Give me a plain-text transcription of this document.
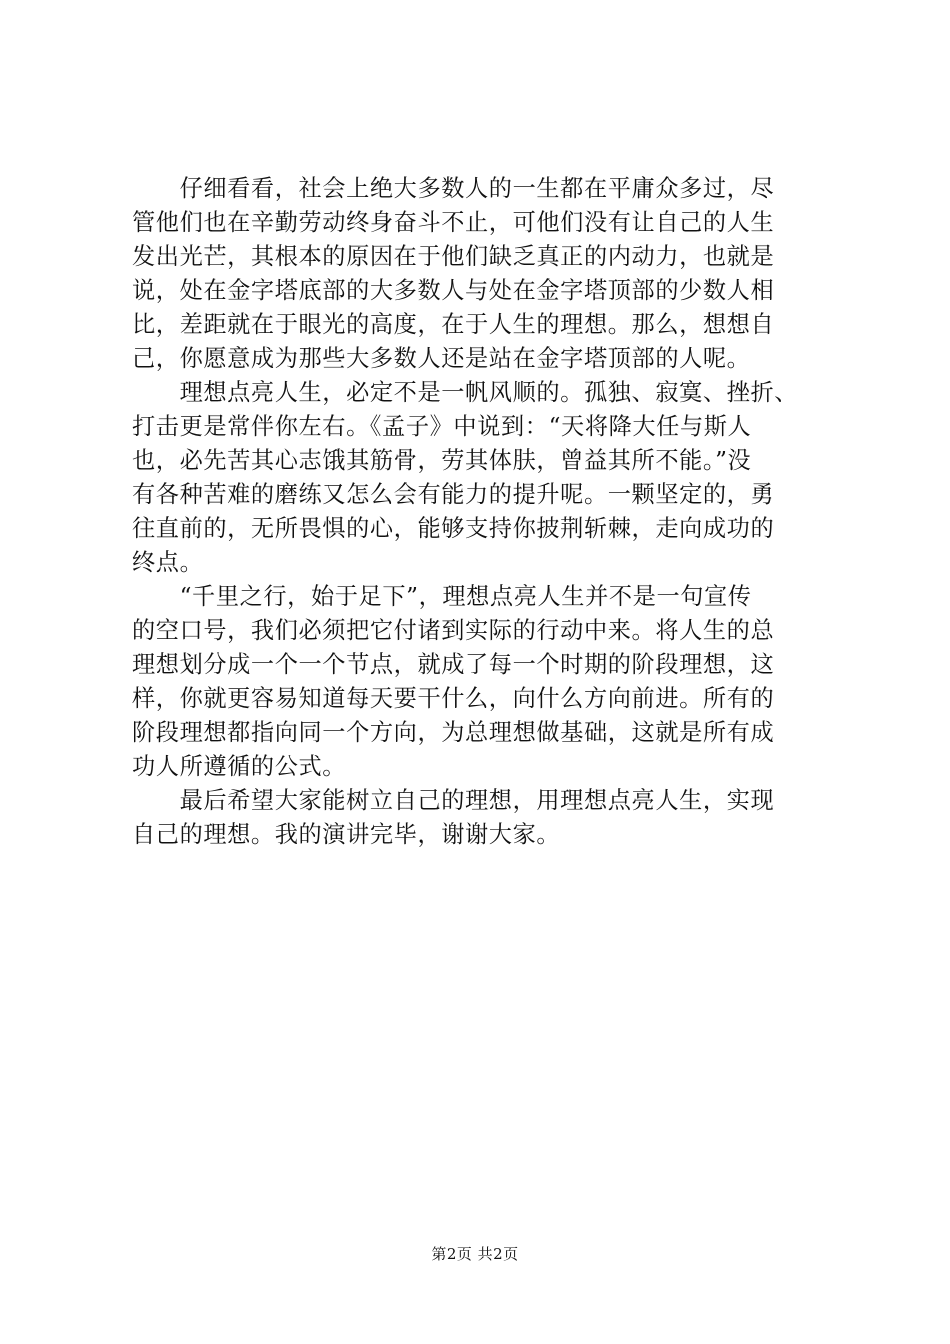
　　仔细看看，社会上绝大多数人的一生都在平庸众多过，尽
管他们也在辛勤劳动终身奋斗不止，可他们没有让自己的人生
发出光芒，其根本的原因在于他们缺乏真正的内动力，也就是
说，处在金字塔底部的大多数人与处在金字塔顶部的少数人相
比，差距就在于眼光的高度，在于人生的理想。那么，想想自
己，你愿意成为那些大多数人还是站在金字塔顶部的人呢。
　　理想点亮人生，必定不是一帆风顺的。孤独、寂寞、挫折、
打击更是常伴你左右。《孟子》中说到：“天将降大任与斯人
也，必先苦其心志饿其筋骨，劳其体肤，曾益其所不能。”没
有各种苦难的磨练又怎么会有能力的提升呢。一颗坚定的，勇
往直前的，无所畏惧的心，能够支持你披荆斩棘，走向成功的
终点。
　　“千里之行，始于足下”，理想点亮人生并不是一句宣传
的空口号，我们必须把它付诸到实际的行动中来。将人生的总
理想划分成一个一个节点，就成了每一个时期的阶段理想，这
样，你就更容易知道每天要干什么，向什么方向前进。所有的
阶段理想都指向同一个方向，为总理想做基础，这就是所有成
功人所遵循的公式。
　　最后希望大家能树立自己的理想，用理想点亮人生，实现
自己的理想。我的演讲完毕，谢谢大家。
第2页 共2页
